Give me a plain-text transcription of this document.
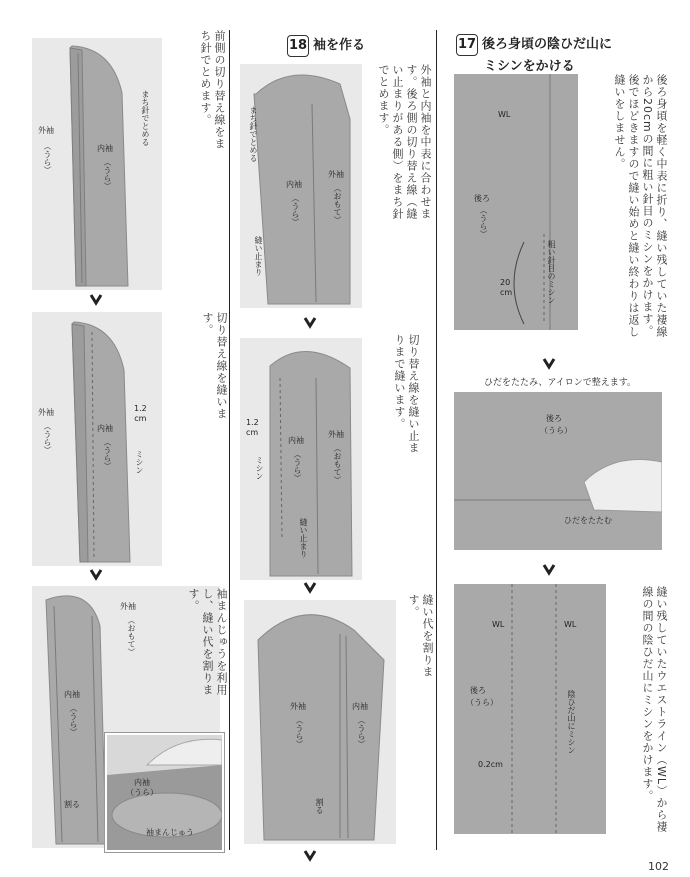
前側の切り替え線をまち針でとめます。
外袖
（うら）	内袖
（うら）
まち針でとめる
切り替え線を縫います。
外袖
（うら）	内袖
（うら）
1.2
cm
ミシン
袖まんじゅうを利用し、縫い代を割ります。
外袖
（おもて）
内袖
（うら）
割る
内袖
（うら）
袖まんじゅう
18 袖を作る
外袖と内袖を中表に合わせます。後ろ側の切り替え線（縫い止まりがある側）をまち針でとめます。
まち針でとめる
内袖
（うら）
外袖
（おもて）
縫い止まり
切り替え線を縫い止まりまで縫います。
1.2
cm
ミシン
内袖
（うら）
外袖
（おもて）
縫い止まり
縫い代を割ります。
外袖
（うら）
内袖
（うら）
割る
17 後ろ身頃の陰ひだ山に
ミシンをかける
後ろ身頃を軽く中表に折り、縫い残していた褄線から20cmの間に粗い針目のミシンをかけます。後でほどきますので縫い始めと縫い終わりは返し縫いをしません。
WL
後ろ
（うら）
20
cm	粗い針目のミシン
ひだをたたみ、アイロンで整えます。
後ろ
（うら）
ひだをたたむ
縫い残していたウエストライン（WL）から褄線の間の陰ひだ山にミシンをかけます。
WL	WL
後ろ
（うら）	陰ひだ山にミシン
0.2cm
102
